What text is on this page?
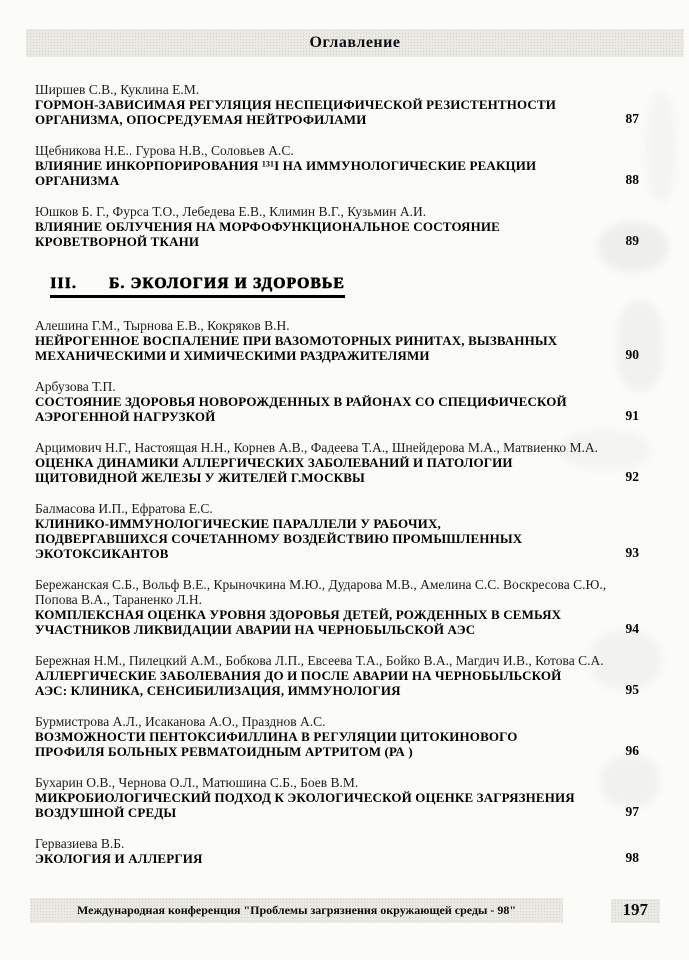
Оглавление
Ширшев С.В., Куклина Е.М.
ГОРМОН-ЗАВИСИМАЯ РЕГУЛЯЦИЯ НЕСПЕЦИФИЧЕСКОЙ РЕЗИСТЕНТНОСТИ ОРГАНИЗМА, ОПОСРЕДУЕМАЯ НЕЙТРОФИЛАМИ	87
Щебникова Н.Е.. Гурова Н.В., Соловьев А.С.
ВЛИЯНИЕ ИНКОРПОРИРОВАНИЯ ¹³¹I НА ИММУНОЛОГИЧЕСКИЕ РЕАКЦИИ ОРГАНИЗМА	88
Юшков Б. Г., Фурса Т.О., Лебедева Е.В., Климин В.Г., Кузьмин А.И.
ВЛИЯНИЕ ОБЛУЧЕНИЯ НА МОРФОФУНКЦИОНАЛЬНОЕ СОСТОЯНИЕ КРОВЕТВОРНОЙ ТКАНИ	89
III. Б. ЭКОЛОГИЯ И ЗДОРОВЬЕ
Алешина Г.М., Тырнова Е.В., Кокряков В.Н.
НЕЙРОГЕННОЕ ВОСПАЛЕНИЕ ПРИ ВАЗОМОТОРНЫХ РИНИТАХ, ВЫЗВАННЫХ МЕХАНИЧЕСКИМИ И ХИМИЧЕСКИМИ РАЗДРАЖИТЕЛЯМИ	90
Арбузова Т.П.
СОСТОЯНИЕ ЗДОРОВЬЯ НОВОРОЖДЕННЫХ В РАЙОНАХ СО СПЕЦИФИЧЕСКОЙ АЭРОГЕННОЙ НАГРУЗКОЙ	91
Арцимович Н.Г., Настоящая Н.Н., Корнев А.В., Фадеева Т.А., Шнейдерова М.А., Матвиенко М.А.
ОЦЕНКА ДИНАМИКИ АЛЛЕРГИЧЕСКИХ ЗАБОЛЕВАНИЙ И ПАТОЛОГИИ ЩИТОВИДНОЙ ЖЕЛЕЗЫ У ЖИТЕЛЕЙ Г.МОСКВЫ	92
Балмасова И.П., Ефратова Е.С.
КЛИНИКО-ИММУНОЛОГИЧЕСКИЕ ПАРАЛЛЕЛИ У РАБОЧИХ, ПОДВЕРГАВШИХСЯ СОЧЕТАННОМУ ВОЗДЕЙСТВИЮ ПРОМЫШЛЕННЫХ ЭКОТОКСИКАНТОВ	93
Бережанская С.Б., Вольф В.Е., Крыночкина М.Ю., Дударова М.В., Амелина С.С. Воскресова С.Ю., Попова В.А., Тараненко Л.Н.
КОМПЛЕКСНАЯ ОЦЕНКА УРОВНЯ ЗДОРОВЬЯ ДЕТЕЙ, РОЖДЕННЫХ В СЕМЬЯХ УЧАСТНИКОВ ЛИКВИДАЦИИ АВАРИИ НА ЧЕРНОБЫЛЬСКОЙ АЭС	94
Бережная Н.М., Пилецкий А.М., Бобкова Л.П., Евсеева Т.А., Бойко В.А., Магдич И.В., Котова С.А.
АЛЛЕРГИЧЕСКИЕ ЗАБОЛЕВАНИЯ ДО И ПОСЛЕ АВАРИИ НА ЧЕРНОБЫЛЬСКОЙ АЭС: КЛИНИКА, СЕНСИБИЛИЗАЦИЯ, ИММУНОЛОГИЯ	95
Бурмистрова А.Л., Исаканова А.О., Празднов А.С.
ВОЗМОЖНОСТИ ПЕНТОКСИФИЛЛИНА В РЕГУЛЯЦИИ ЦИТОКИНОВОГО ПРОФИЛЯ БОЛЬНЫХ РЕВМАТОИДНЫМ АРТРИТОМ (РА )	96
Бухарин О.В., Чернова О.Л., Матюшина С.Б., Боев В.М.
МИКРОБИОЛОГИЧЕСКИЙ ПОДХОД К ЭКОЛОГИЧЕСКОЙ ОЦЕНКЕ ЗАГРЯЗНЕНИЯ ВОЗДУШНОЙ СРЕДЫ	97
Гервазиева В.Б.
ЭКОЛОГИЯ И АЛЛЕРГИЯ	98
Международная конференция "Проблемы загрязнения окружающей среды - 98"	197
